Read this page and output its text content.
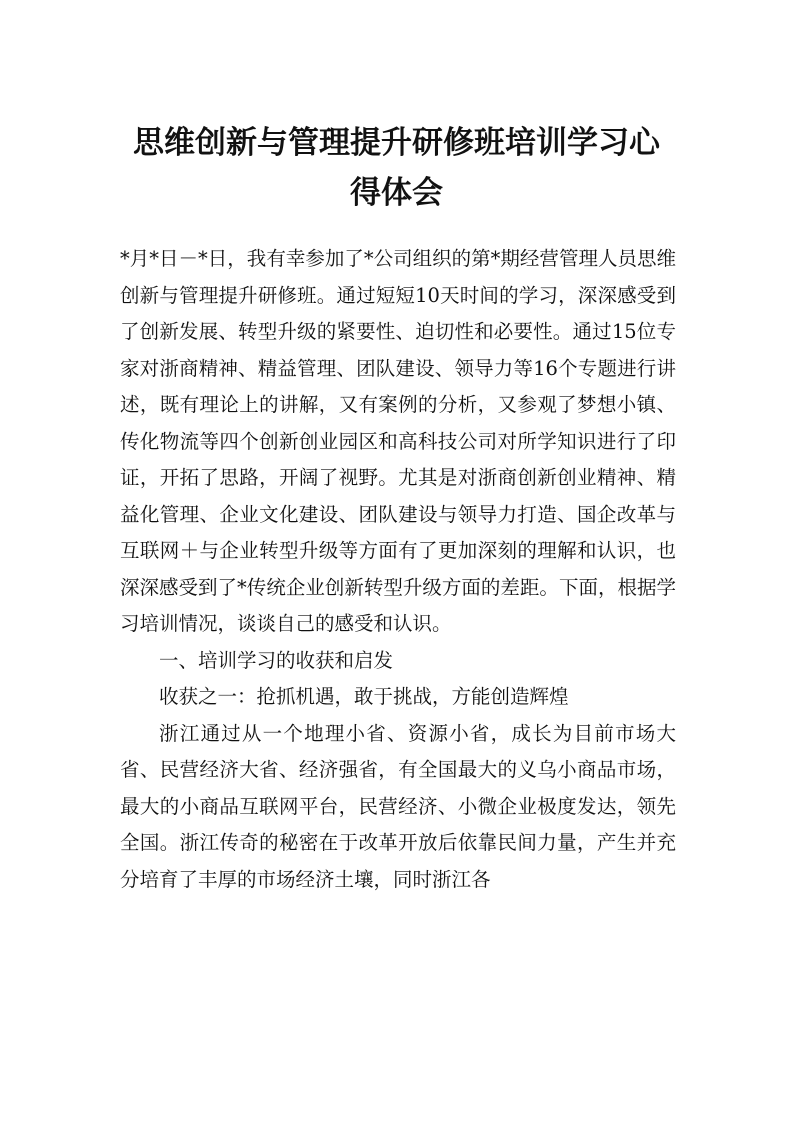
思维创新与管理提升研修班培训学习心得体会

*月*日－*日，我有幸参加了*公司组织的第*期经营管理人员思维创新与管理提升研修班。通过短短10天时间的学习，深深感受到了创新发展、转型升级的紧要性、迫切性和必要性。通过15位专家对浙商精神、精益管理、团队建设、领导力等16个专题进行讲述，既有理论上的讲解，又有案例的分析，又参观了梦想小镇、传化物流等四个创新创业园区和高科技公司对所学知识进行了印证，开拓了思路，开阔了视野。尤其是对浙商创新创业精神、精益化管理、企业文化建设、团队建设与领导力打造、国企改革与互联网＋与企业转型升级等方面有了更加深刻的理解和认识，也深深感受到了*传统企业创新转型升级方面的差距。下面，根据学习培训情况，谈谈自己的感受和认识。

一、培训学习的收获和启发

收获之一：抢抓机遇，敢于挑战，方能创造辉煌

浙江通过从一个地理小省、资源小省，成长为目前市场大省、民营经济大省、经济强省，有全国最大的义乌小商品市场，最大的小商品互联网平台，民营经济、小微企业极度发达，领先全国。浙江传奇的秘密在于改革开放后依靠民间力量，产生并充分培育了丰厚的市场经济土壤，同时浙江各
